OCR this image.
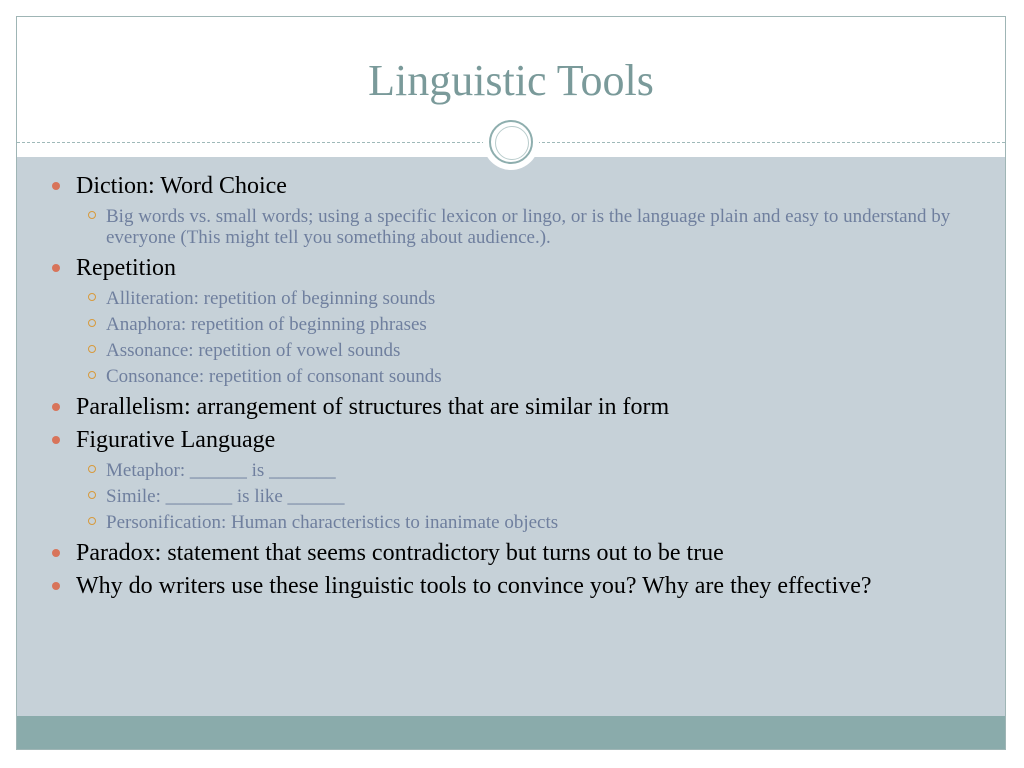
Linguistic Tools
Diction: Word Choice
Big words vs. small words; using a specific lexicon or lingo, or is the language plain and easy to understand by everyone (This might tell you something about audience.).
Repetition
Alliteration: repetition of beginning sounds
Anaphora: repetition of beginning phrases
Assonance: repetition of vowel sounds
Consonance: repetition of consonant sounds
Parallelism: arrangement of structures that are similar in form
Figurative Language
Metaphor: ______ is _______
Simile: _______ is like ______
Personification: Human characteristics to inanimate objects
Paradox: statement that seems contradictory but turns out to be true
Why do writers use these linguistic tools to convince you? Why are they effective?
